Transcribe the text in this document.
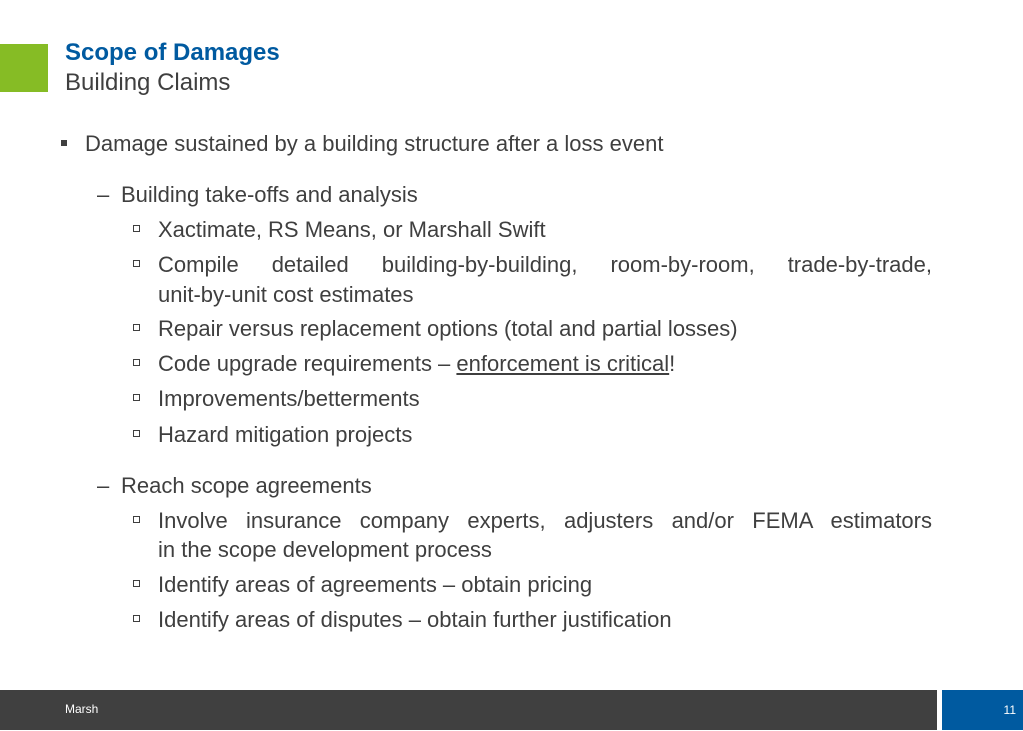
Scope of Damages
Building Claims
Damage sustained by a building structure after a loss event
– Building take-offs and analysis
Xactimate, RS Means, or Marshall Swift
Compile detailed building-by-building, room-by-room, trade-by-trade,
unit-by-unit cost estimates
Repair versus replacement options (total and partial losses)
Code upgrade requirements – enforcement is critical!
Improvements/betterments
Hazard mitigation projects
– Reach scope agreements
Involve insurance company experts, adjusters and/or FEMA estimators
in the scope development process
Identify areas of agreements – obtain pricing
Identify areas of disputes – obtain further justification
Marsh	11
